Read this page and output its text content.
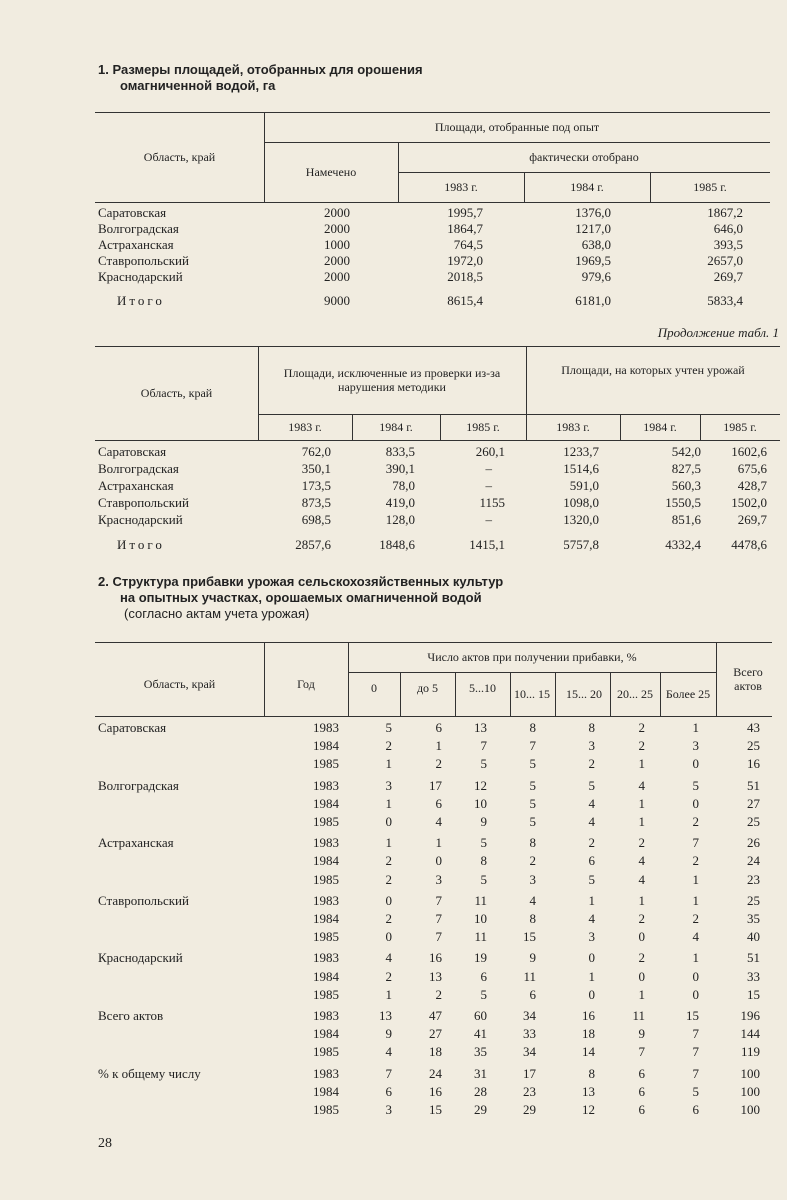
1. Размеры площадей, отобранных для орошения
омагниченной водой, га
Область, край
Площади, отобранные под опыт
Намечено
фактически отобрано
1983 г.	1984 г.	1985 г.
Саратовская	2000	1995,7	1376,0	1867,2
Волгоградская	2000	1864,7	1217,0	646,0
Астраханская	1000	764,5	638,0	393,5
Ставропольский	2000	1972,0	1969,5	2657,0
Краснодарский	2000	2018,5	979,6	269,7
Итого	9000	8615,4	6181,0	5833,4
Продолжение табл. 1
Область, край
Площади, исключенные из проверки из-за нарушения методики
Площади, на которых учтен урожай
1983 г.	1984 г.	1985 г.	1983 г.	1984 г.	1985 г.
Саратовская	762,0	833,5	260,1	1233,7	542,0 1602,6
Волгоградская	350,1	390,1	–	1514,6	827,5	675,6
Астраханская	173,5	78,0	–	591,0	560,3	428,7
Ставропольский	873,5	419,0	1155	1098,0	1550,5 1502,0
Краснодарский	698,5	128,0	–	1320,0	851,6	269,7
Итого	2857,6	1848,6	1415,1	5757,8	4332,4 4478,6
2. Структура прибавки урожая сельскохозяйственных культур
на опытных участках, орошаемых омагниченной водой
(согласно актам учета урожая)
Область, край	Год
Число актов при получении прибавки, %
Всего актов
0	до 5	5...10	10... 15 15... 20 20... 25	Более 25
Саратовская	1983	5	6 13	8	8	2	1	43
1984	2	1	7	7	3	2	3	25
1985	1	2	5	5	2	1	0	16
Волгоградская	1983	3	17 12	5	5	4	5	51
1984	1	6 10	5	4	1	0	27
1985	0	4	9	5	4	1	2	25
Астраханская	1983	1	1	5	8	2	2	7	26
1984	2	0	8	2	6	4	2	24
1985	2	3	5	3	5	4	1	23
Ставропольский	1983	0	7 11	4	1	1	1	25
1984	2	7 10	8	4	2	2	35
1985	0	7 11	15	3	0	4	40
Краснодарский	1983	4	16 19	9	0	2	1	51
1984	2	13	6	11	1	0	0	33
1985	1	2	5	6	0	1	0	15
Всего актов	1983	13	47 60	34	16	11	15	196
1984	9	27 41	33	18	9	7	144
1985	4	18 35	34	14	7	7	119
% к общему числу	1983	7	24 31	17	8	6	7	100
1984	6	16 28	23	13	6	5	100
1985	3	15 29	29	12	6	6	100
28
